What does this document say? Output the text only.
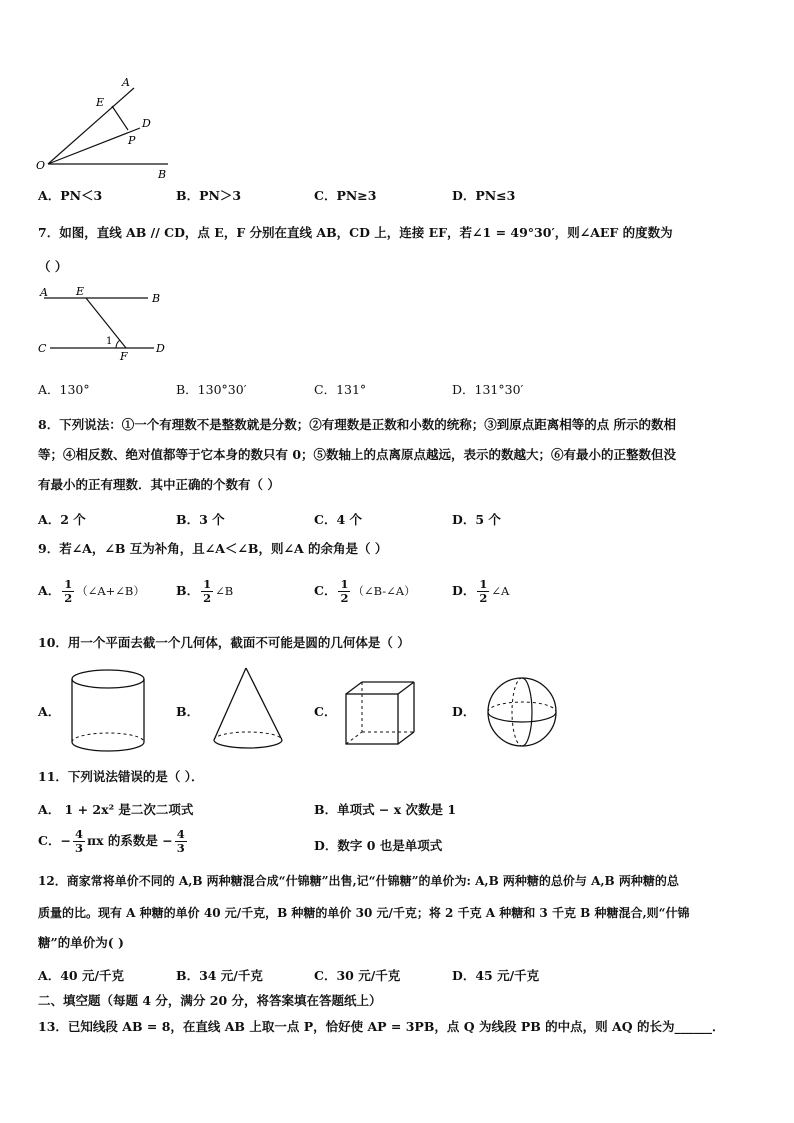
A
E
D
P
O
B
A．PN＜3	B．PN＞3	C．PN≥3	D．PN≤3
7．如图，直线 AB // CD，点 E，F 分别在直线 AB，CD 上，连接 EF，若∠1 = 49°30′，则∠AEF 的度数为
（ ）
A	E
B
C
1
F
D
A．130°	B．130°30′	C．131°	D．131°30′
8．下列说法：①一个有理数不是整数就是分数；②有理数是正数和小数的统称；③到原点距离相等的点 所示的数相
等；④相反数、绝对值都等于它本身的数只有 0；⑤数轴上的点离原点越远，表示的数越大；⑥有最小的正整数但没
有最小的正有理数．其中正确的个数有（ ）
A．2 个	B．3 个	C．4 个	D．5 个
9．若∠A，∠B 互为补角，且∠A＜∠B，则∠A 的余角是（ ）
A． $\frac{1}{2}$ （∠A+∠B） B． $\frac{1}{2}$ ∠B	C． $\frac{1}{2}$ （∠B-∠A）	D． $\frac{1}{2}$ ∠A
10．用一个平面去截一个几何体，截面不可能是圆的几何体是（ ）
A．	B．	C．	D．
11．下列说法错误的是（ ）．
A． 1 + 2x² 是二次二项式	B．单项式 − x 次数是 1
C．− $\frac{4}{3}$ πx 的系数是 − $\frac{4}{3}$	D．数字 0 也是单项式
12．商家常将单价不同的 A,B 两种糖混合成“什锦糖”出售,记“什锦糖”的单价为: A,B 两种糖的总价与 A,B 两种糖的总
质量的比。现有 A 种糖的单价 40 元/千克，B 种糖的单价 30 元/千克；将 2 千克 A 种糖和 3 千克 B 种糖混合,则“什锦
糖”的单价为( )
A．40 元/千克	B．34 元/千克	C．30 元/千克	D．45 元/千克
二、填空题（每题 4 分，满分 20 分，将答案填在答题纸上）
13．已知线段 AB = 8，在直线 AB 上取一点 P，恰好使 AP = 3PB，点 Q 为线段 PB 的中点，则 AQ 的长为______．
